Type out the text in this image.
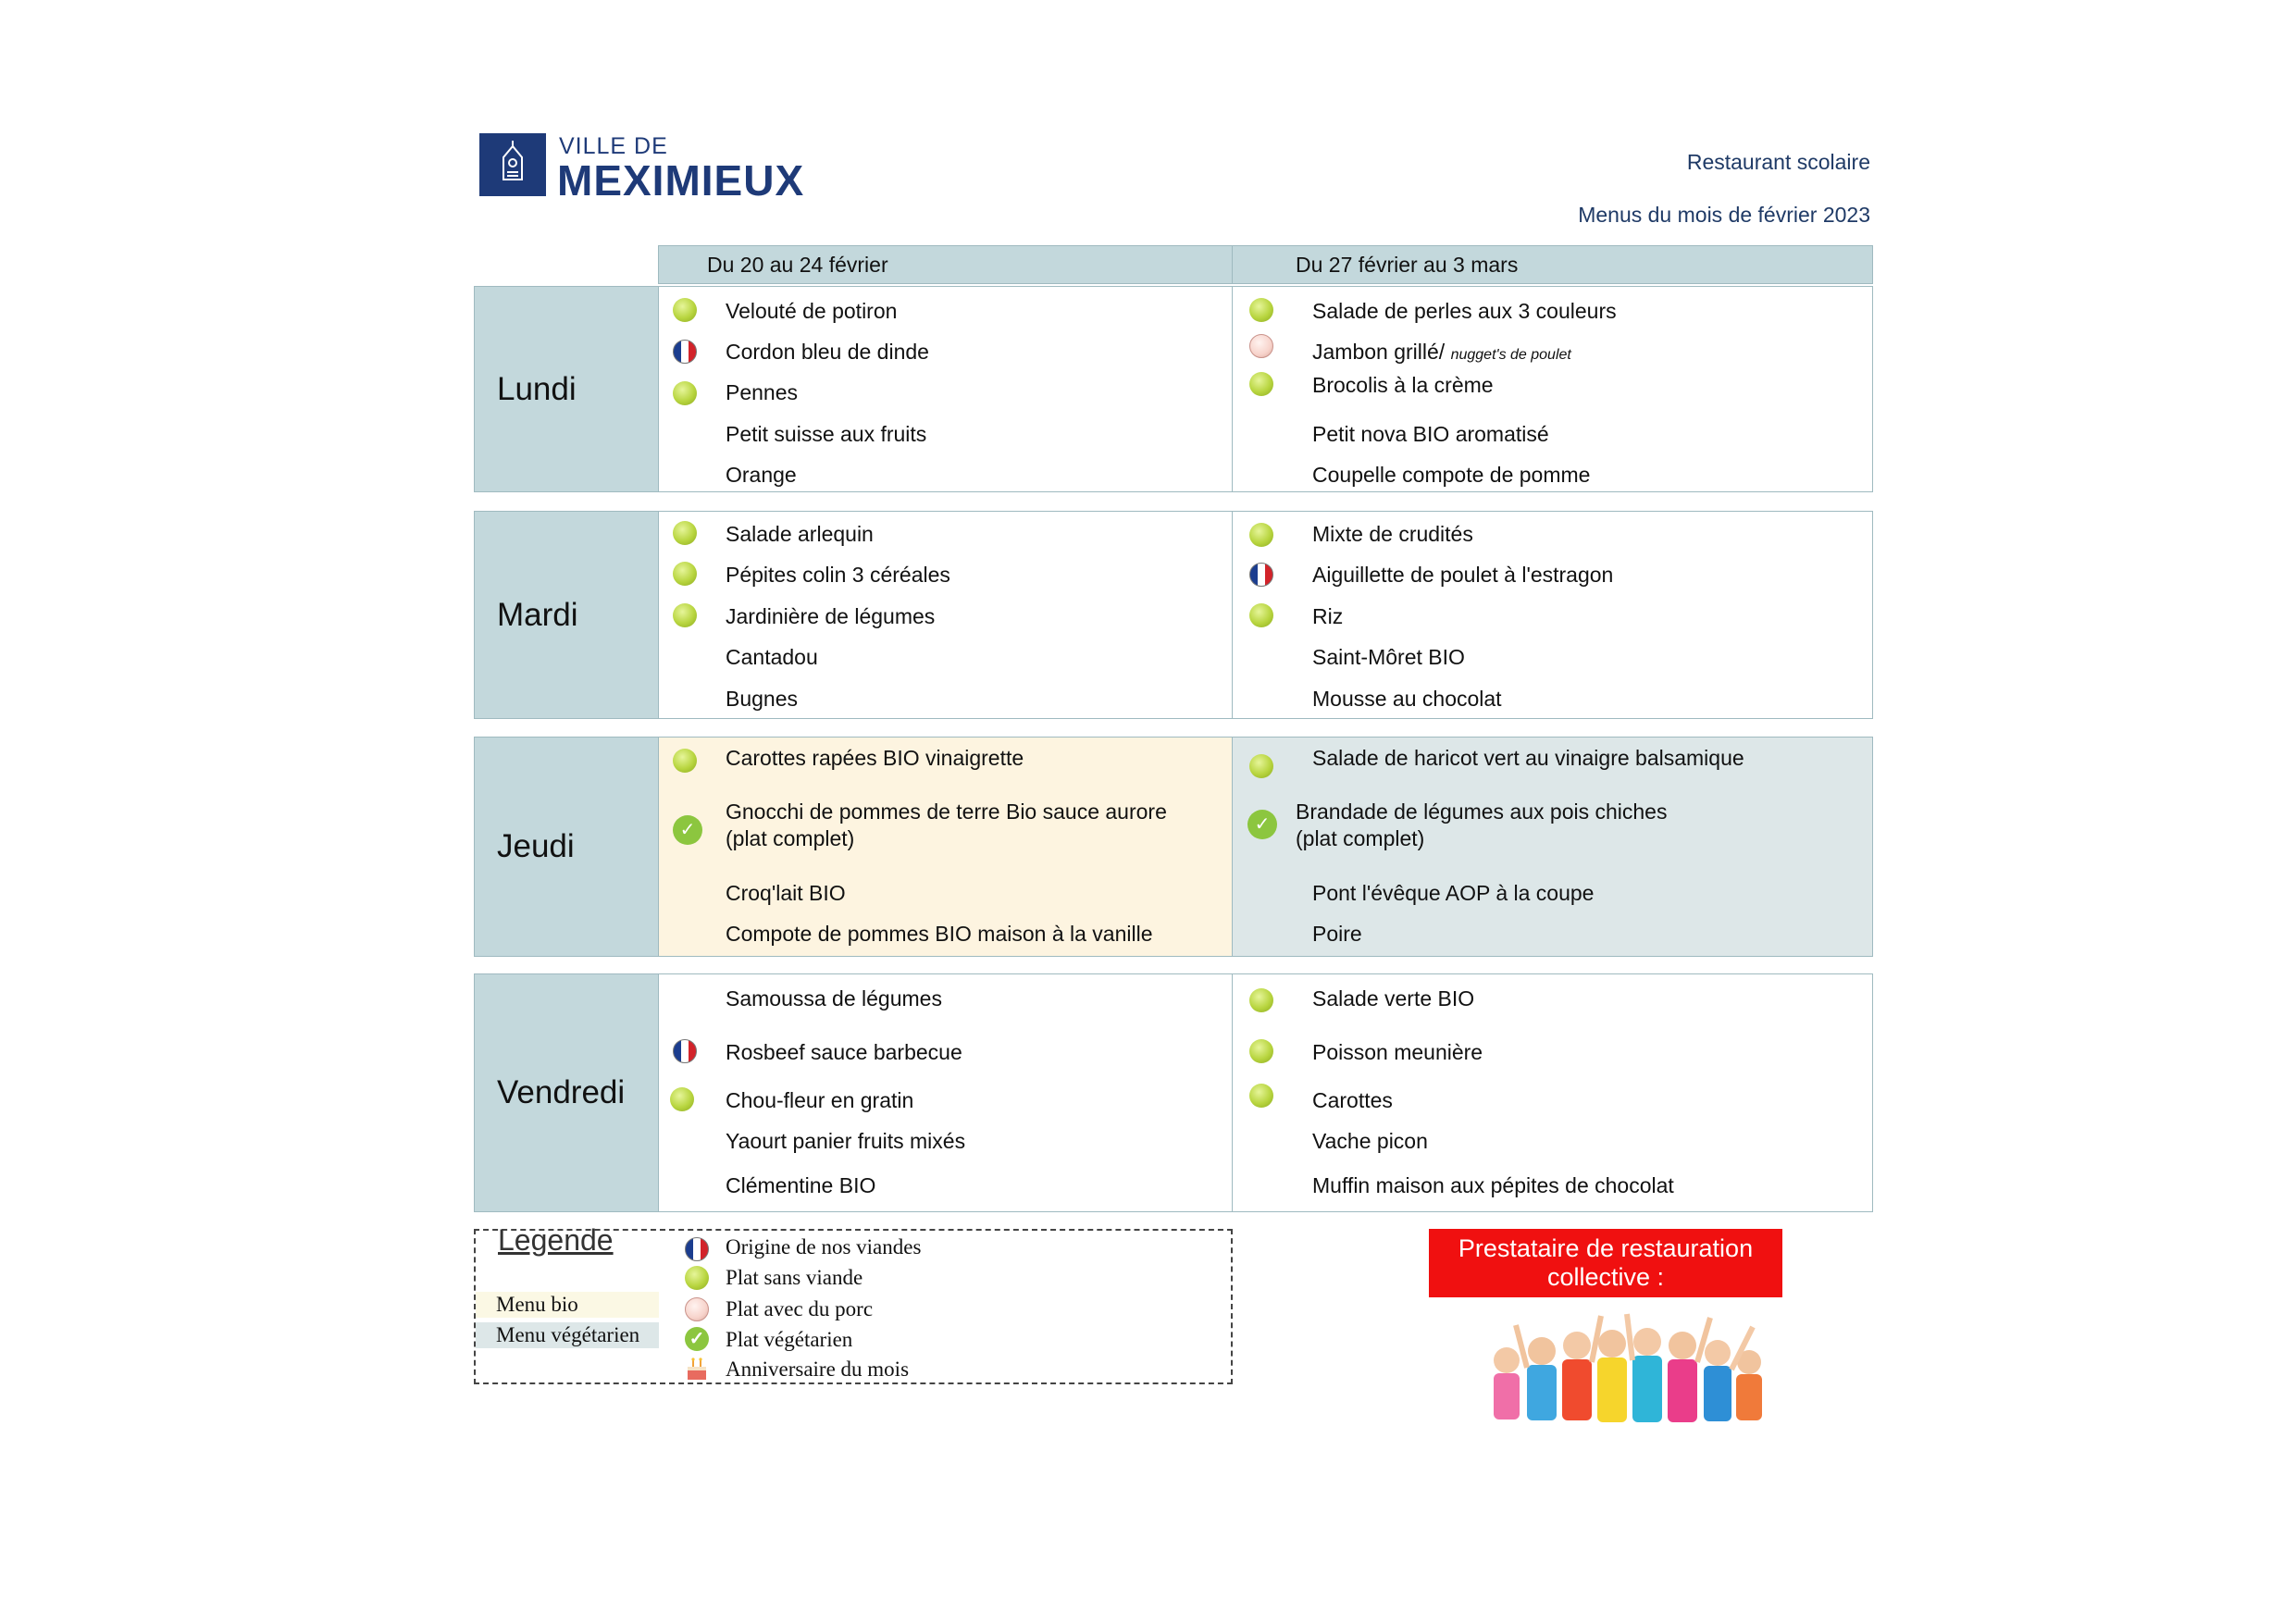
VILLE DE
MEXIMIEUX	Restaurant scolaire
Menus du mois de février 2023
Du 20 au 24 février	Du 27 février au 3 mars
Lundi
Velouté de potiron
Cordon bleu de dinde
Pennes
Petit suisse aux fruits
Orange
Salade de perles aux 3 couleurs
Jambon grillé/ nugget's de poulet
Brocolis à la crème
Petit nova BIO aromatisé
Coupelle compote de pomme
Mardi
Salade arlequin
Pépites colin 3 céréales
Jardinière de légumes
Cantadou
Bugnes
Mixte de crudités
Aiguillette de poulet à l'estragon
Riz
Saint-Môret BIO
Mousse au chocolat
Jeudi
Carottes rapées BIO vinaigrette
✓
Gnocchi de pommes de terre Bio sauce aurore
(plat complet)
Croq'lait BIO
Compote de pommes BIO maison à la vanille
Salade de haricot vert au vinaigre balsamique
✓
Brandade de légumes aux pois chiches
(plat complet)
Pont l'évêque AOP à la coupe
Poire
Vendredi
Samoussa de légumes
Rosbeef sauce barbecue
Chou-fleur en gratin
Yaourt panier fruits mixés
Clémentine BIO
Salade verte BIO
Poisson meunière
Carottes
Vache picon
Muffin maison aux pépites de chocolat
Legende
Menu bio
Menu végétarien
Origine de nos viandes
Plat sans viande
Plat avec du porc
✓ Plat végétarien
Anniversaire du mois
Prestataire de restauration
collective :
